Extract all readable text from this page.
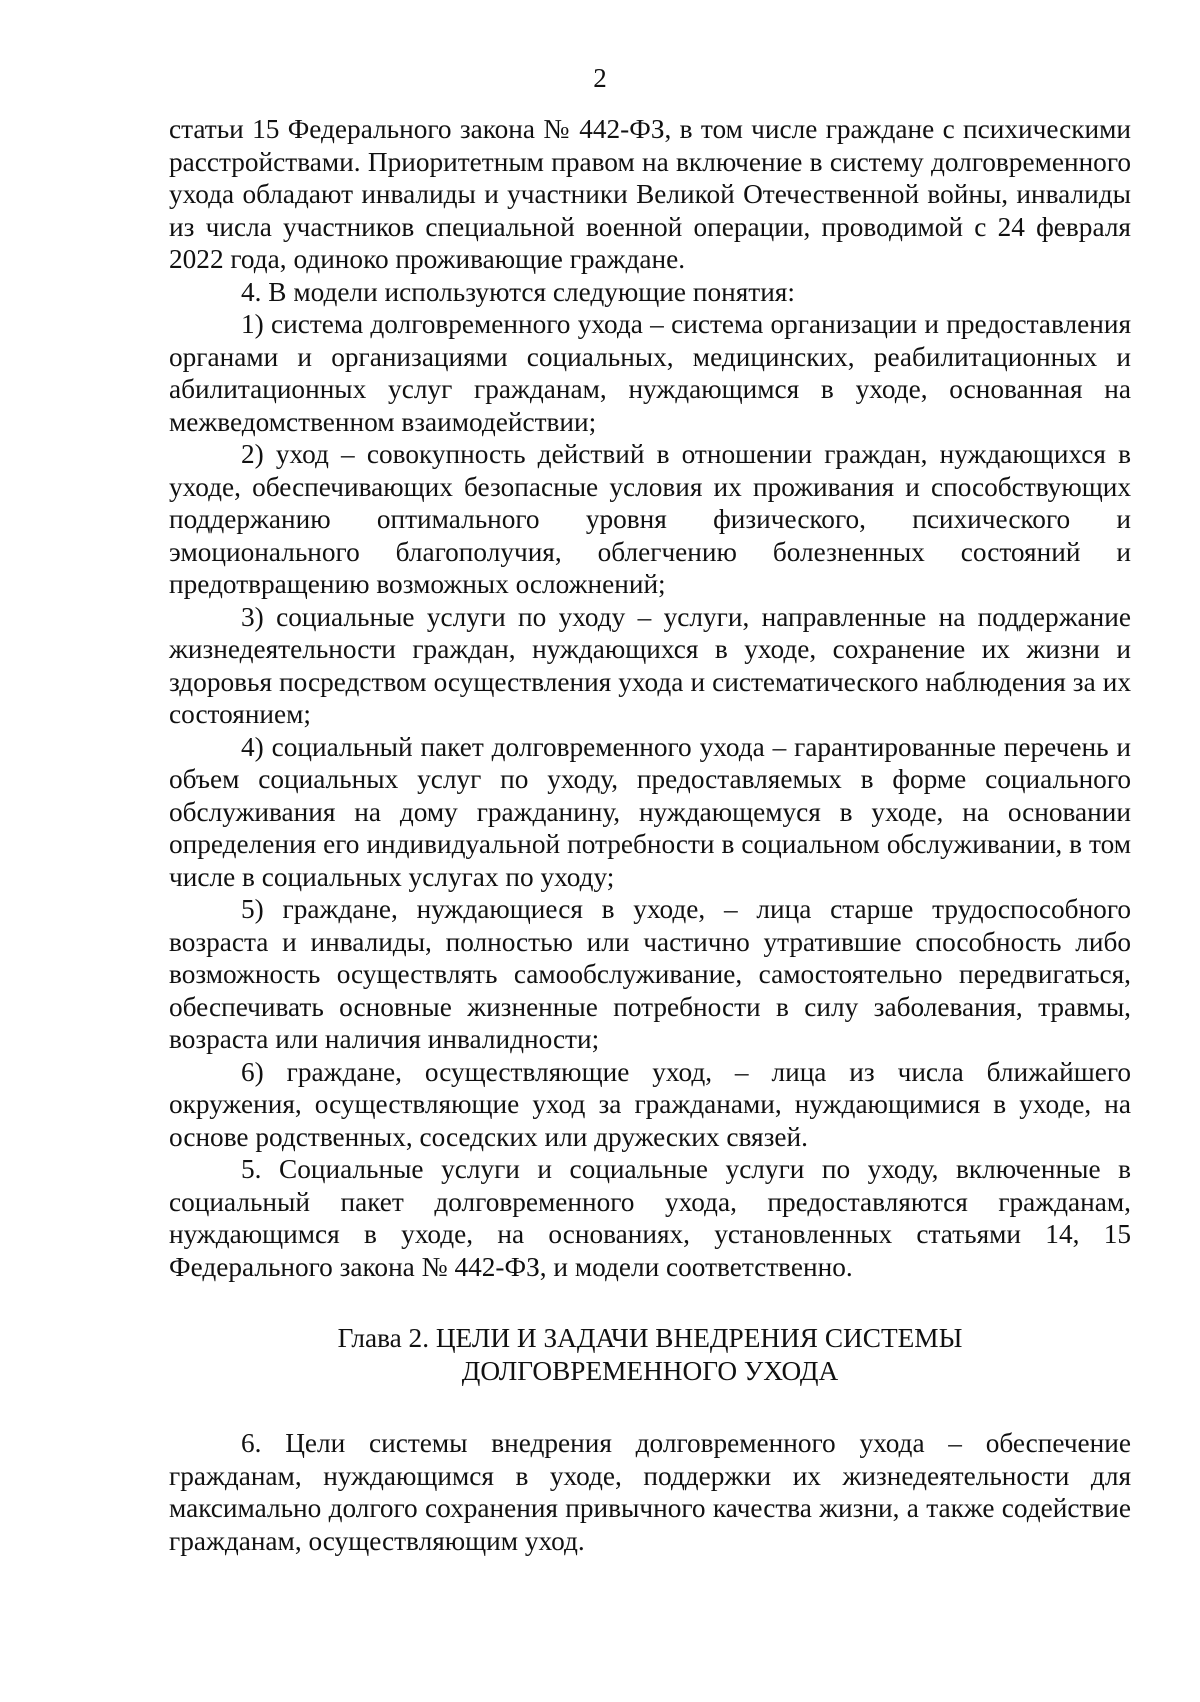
2

статьи 15 Федерального закона № 442-ФЗ, в том числе граждане с психическими расстройствами. Приоритетным правом на включение в систему долговременного ухода обладают инвалиды и участники Великой Отечественной войны, инвалиды из числа участников специальной военной операции, проводимой с 24 февраля 2022 года, одиноко проживающие граждане.

4. В модели используются следующие понятия:

1) система долговременного ухода – система организации и предоставления органами и организациями социальных, медицинских, реабилитационных и абилитационных услуг гражданам, нуждающимся в уходе, основанная на межведомственном взаимодействии;

2) уход – совокупность действий в отношении граждан, нуждающихся в уходе, обеспечивающих безопасные условия их проживания и способствующих поддержанию оптимального уровня физического, психического и эмоционального благополучия, облегчению болезненных состояний и предотвращению возможных осложнений;

3) социальные услуги по уходу – услуги, направленные на поддержание жизнедеятельности граждан, нуждающихся в уходе, сохранение их жизни и здоровья посредством осуществления ухода и систематического наблюдения за их состоянием;

4) социальный пакет долговременного ухода – гарантированные перечень и объем социальных услуг по уходу, предоставляемых в форме социального обслуживания на дому гражданину, нуждающемуся в уходе, на основании определения его индивидуальной потребности в социальном обслуживании, в том числе в социальных услугах по уходу;

5) граждане, нуждающиеся в уходе, – лица старше трудоспособного возраста и инвалиды, полностью или частично утратившие способность либо возможность осуществлять самообслуживание, самостоятельно передвигаться, обеспечивать основные жизненные потребности в силу заболевания, травмы, возраста или наличия инвалидности;

6) граждане, осуществляющие уход, – лица из числа ближайшего окружения, осуществляющие уход за гражданами, нуждающимися в уходе, на основе родственных, соседских или дружеских связей.

5. Социальные услуги и социальные услуги по уходу, включенные в социальный пакет долговременного ухода, предоставляются гражданам, нуждающимся в уходе, на основаниях, установленных статьями 14, 15 Федерального закона № 442-ФЗ, и модели соответственно.

Глава 2. ЦЕЛИ И ЗАДАЧИ ВНЕДРЕНИЯ СИСТЕМЫ
ДОЛГОВРЕМЕННОГО УХОДА

6. Цели системы внедрения долговременного ухода – обеспечение гражданам, нуждающимся в уходе, поддержки их жизнедеятельности для максимально долгого сохранения привычного качества жизни, а также содействие гражданам, осуществляющим уход.
